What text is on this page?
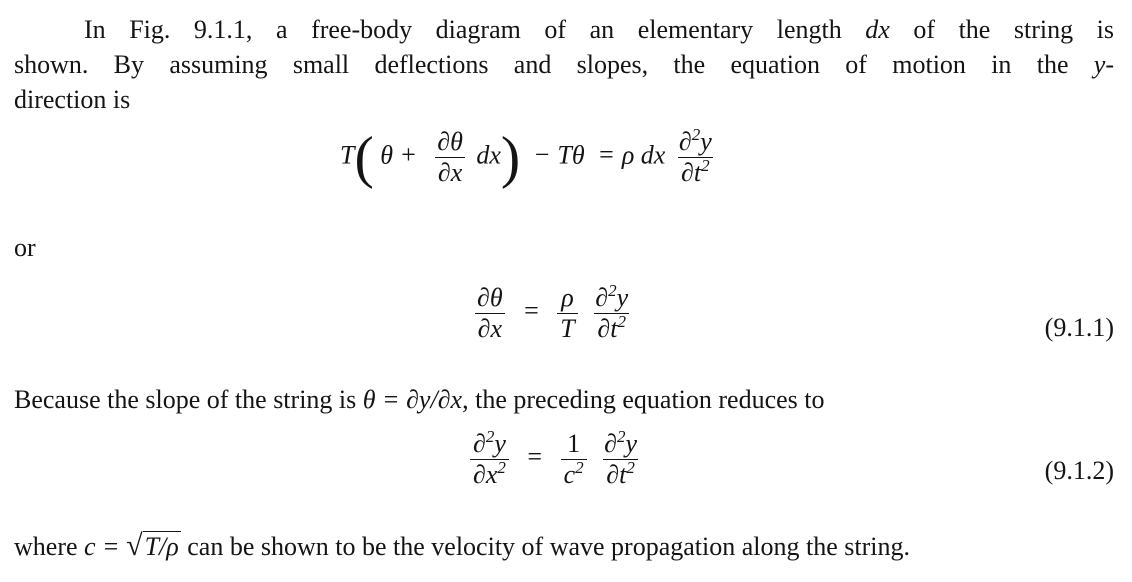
In Fig. 9.1.1, a free-body diagram of an elementary length dx of the string is
shown. By assuming small deflections and slopes, the equation of motion in the y-
direction is
T( $\theta + \frac{\partial\theta}{\partial x} dx) - T\theta = \rho$ dx $\frac{\partial^2y}{\partial t^2}$
or
$\frac{\partial\theta}{\partial x} = \frac{\rho}{T}$
$\frac{\partial^2y}{\partial t^2}$	(9.1.1)
Because the slope of the string is θ = ∂y/∂x, the preceding equation reduces to
$\frac{\partial^2y}{\partial x^2} = \frac{1}{c^2}$
$\frac{\partial^2y}{\partial t^2}$	(9.1.2)
where c = √T/ρ can be shown to be the velocity of wave propagation along the string.
